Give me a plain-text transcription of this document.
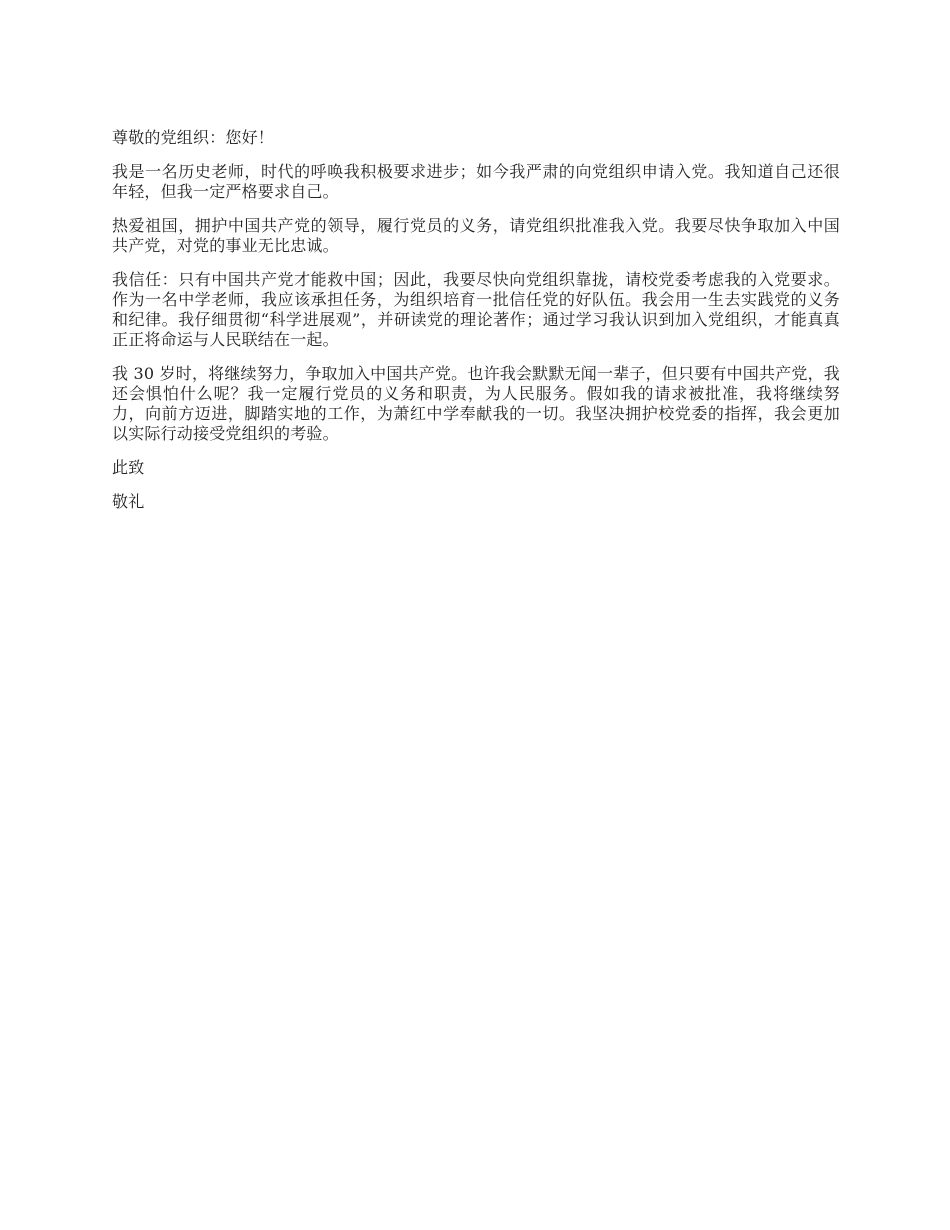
尊敬的党组织：您好！

我是一名历史老师，时代的呼唤我积极要求进步；如今我严肃的向党组织申请入党。我知道自己还很年轻，但我一定严格要求自己。

热爱祖国，拥护中国共产党的领导，履行党员的义务，请党组织批准我入党。我要尽快争取加入中国共产党，对党的事业无比忠诚。

我信任：只有中国共产党才能救中国；因此，我要尽快向党组织靠拢，请校党委考虑我的入党要求。作为一名中学老师，我应该承担任务，为组织培育一批信任党的好队伍。我会用一生去实践党的义务和纪律。我仔细贯彻“科学进展观”，并研读党的理论著作；通过学习我认识到加入党组织，才能真真正正将命运与人民联结在一起。

我 30 岁时，将继续努力，争取加入中国共产党。也许我会默默无闻一辈子，但只要有中国共产党，我还会惧怕什么呢？我一定履行党员的义务和职责，为人民服务。假如我的请求被批准，我将继续努力，向前方迈进，脚踏实地的工作，为萧红中学奉献我的一切。我坚决拥护校党委的指挥，我会更加以实际行动接受党组织的考验。

此致

敬礼
